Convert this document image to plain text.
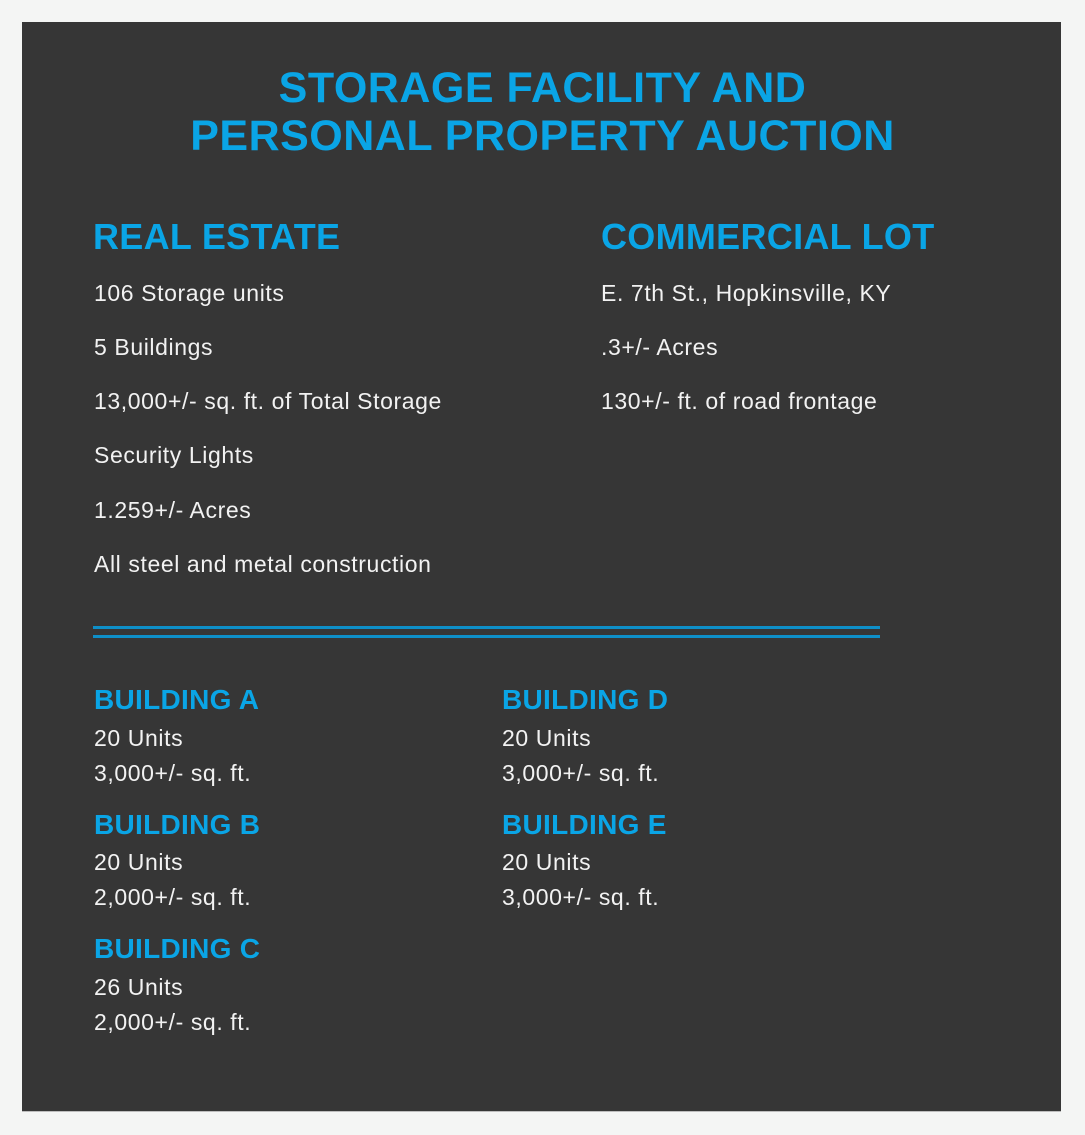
STORAGE FACILITY AND
PERSONAL PROPERTY AUCTION
REAL ESTATE
106 Storage units
5 Buildings
13,000+/- sq. ft. of Total Storage
Security Lights
1.259+/- Acres
All steel and metal construction
COMMERCIAL LOT
E. 7th St., Hopkinsville, KY
.3+/- Acres
130+/- ft. of road frontage
BUILDING A
20 Units
3,000+/- sq. ft.
BUILDING B
20 Units
2,000+/- sq. ft.
BUILDING C
26 Units
2,000+/- sq. ft.
BUILDING D
20 Units
3,000+/- sq. ft.
BUILDING E
20 Units
3,000+/- sq. ft.
